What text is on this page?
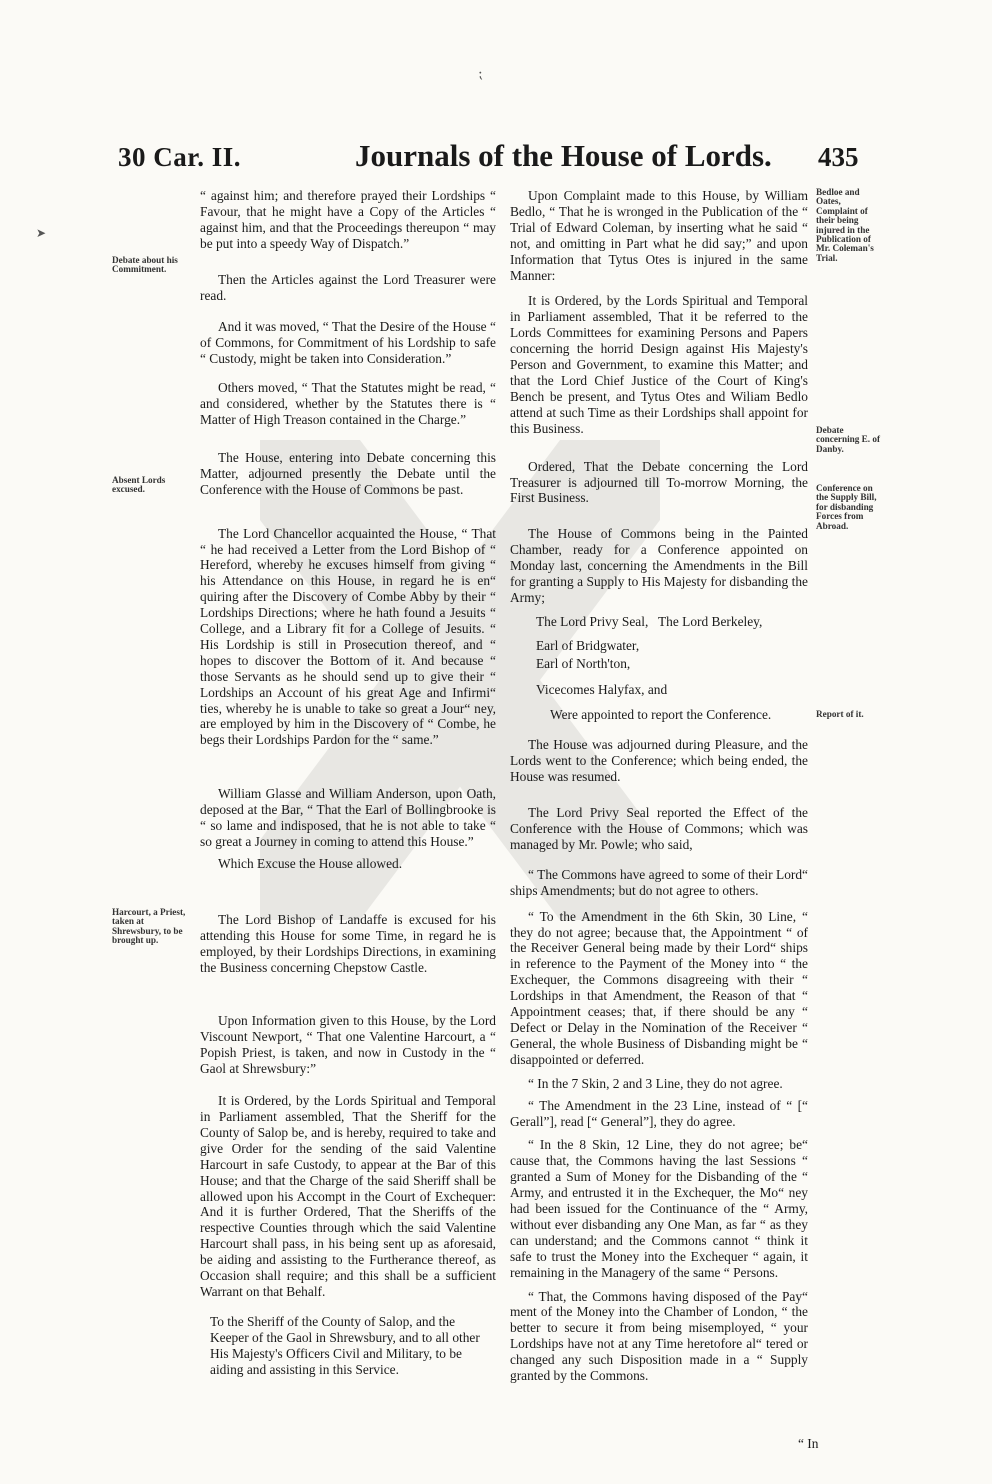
⁏
➤
30 Car. II.	Journals of the House of Lords. 435
Debate about his Commitment.
Absent Lords excused.
Harcourt, a Priest, taken at Shrewsbury, to be brought up.

“ against him; and therefore prayed their Lordships “ Favour, that he might have a Copy of the Articles “ against him, and that the Proceedings thereupon “ may be put into a speedy Way of Dispatch.”

Then the Articles against the Lord Treasurer were read.

And it was moved, “ That the Desire of the House “ of Commons, for Commitment of his Lordship to safe “ Custody, might be taken into Consideration.”

Others moved, “ That the Statutes might be read, “ and considered, whether by the Statutes there is “ Matter of High Treason contained in the Charge.”

The House, entering into Debate concerning this Matter, adjourned presently the Debate until the Conference with the House of Commons be past.

The Lord Chancellor acquainted the House, “ That “ he had received a Letter from the Lord Bishop of “ Hereford, whereby he excuses himself from giving “ his Attendance on this House, in regard he is en“ quiring after the Discovery of Combe Abby by their “ Lordships Directions; where he hath found a Jesuits “ College, and a Library fit for a College of Jesuits. “ His Lordship is still in Prosecution thereof, and “ hopes to discover the Bottom of it. And because “ those Servants as he should send up to give their “ Lordships an Account of his great Age and Infirmi“ ties, whereby he is unable to take so great a Jour“ ney, are employed by him in the Discovery of “ Combe, he begs their Lordships Pardon for the “ same.”

William Glasse and William Anderson, upon Oath, deposed at the Bar, “ That the Earl of Bollingbrooke is “ so lame and indisposed, that he is not able to take “ so great a Journey in coming to attend this House.”

Which Excuse the House allowed.

The Lord Bishop of Landaffe is excused for his attending this House for some Time, in regard he is employed, by their Lordships Directions, in examining the Business concerning Chepstow Castle.

Upon Information given to this House, by the Lord Viscount Newport, “ That one Valentine Harcourt, a “ Popish Priest, is taken, and now in Custody in the “ Gaol at Shrewsbury:”

It is Ordered, by the Lords Spiritual and Temporal in Parliament assembled, That the Sheriff for the County of Salop be, and is hereby, required to take and give Order for the sending of the said Valentine Harcourt in safe Custody, to appear at the Bar of this House; and that the Charge of the said Sheriff shall be allowed upon his Accompt in the Court of Exchequer: And it is further Ordered, That the Sheriffs of the respective Counties through which the said Valentine Harcourt shall pass, in his being sent up as aforesaid, be aiding and assisting to the Furtherance thereof, as Occasion shall require; and this shall be a sufficient Warrant on that Behalf.

To the Sheriff of the County of Salop, and the Keeper of the Gaol in Shrewsbury, and to all other His Majesty's Officers Civil and Military, to be aiding and assisting in this Service.

Bedloe and Oates, Complaint of their being injured in the Publication of Mr. Coleman's Trial.
Debate concerning E. of Danby.
Conference on the Supply Bill, for disbanding Forces from Abroad.
Report of it.

Upon Complaint made to this House, by William Bedlo, “ That he is wronged in the Publication of the “ Trial of Edward Coleman, by inserting what he said “ not, and omitting in Part what he did say;” and upon Information that Tytus Otes is injured in the same Manner:

It is Ordered, by the Lords Spiritual and Temporal in Parliament assembled, That it be referred to the Lords Committees for examining Persons and Papers concerning the horrid Design against His Majesty's Person and Government, to examine this Matter; and that the Lord Chief Justice of the Court of King's Bench be present, and Tytus Otes and Wiliam Bedlo attend at such Time as their Lordships shall appoint for this Business.

Ordered, That the Debate concerning the Lord Treasurer is adjourned till To-morrow Morning, the First Business.

The House of Commons being in the Painted Chamber, ready for a Conference appointed on Monday last, concerning the Amendments in the Bill for granting a Supply to His Majesty for disbanding the Army;

The Lord Privy Seal, The Lord Berkeley,
Earl of Bridgwater,
Earl of North'ton,
Vicecomes Halyfax, and
Were appointed to report the Conference.

The House was adjourned during Pleasure, and the Lords went to the Conference; which being ended, the House was resumed.

The Lord Privy Seal reported the Effect of the Conference with the House of Commons; which was managed by Mr. Powle; who said,

“ The Commons have agreed to some of their Lord“ ships Amendments; but do not agree to others.

“ To the Amendment in the 6th Skin, 30 Line, “ they do not agree; because that, the Appointment “ of the Receiver General being made by their Lord“ ships in reference to the Payment of the Money into “ the Exchequer, the Commons disagreeing with their “ Lordships in that Amendment, the Reason of that “ Appointment ceases; that, if there should be any “ Defect or Delay in the Nomination of the Receiver “ General, the whole Business of Disbanding might be “ disappointed or deferred.

“ In the 7 Skin, 2 and 3 Line, they do not agree.

“ The Amendment in the 23 Line, instead of “ [“ Gerall”], read [“ General”], they do agree.

“ In the 8 Skin, 12 Line, they do not agree; be“ cause that, the Commons having the last Sessions “ granted a Sum of Money for the Disbanding of the “ Army, and entrusted it in the Exchequer, the Mo“ ney had been issued for the Continuance of the “ Army, without ever disbanding any One Man, as far “ as they can understand; and the Commons cannot “ think it safe to trust the Money into the Exchequer “ again, it remaining in the Managery of the same “ Persons.

“ That, the Commons having disposed of the Pay“ ment of the Money into the Chamber of London, “ the better to secure it from being misemployed, “ your Lordships have not at any Time heretofore al“ tered or changed any such Disposition made in a “ Supply granted by the Commons.

“ In
